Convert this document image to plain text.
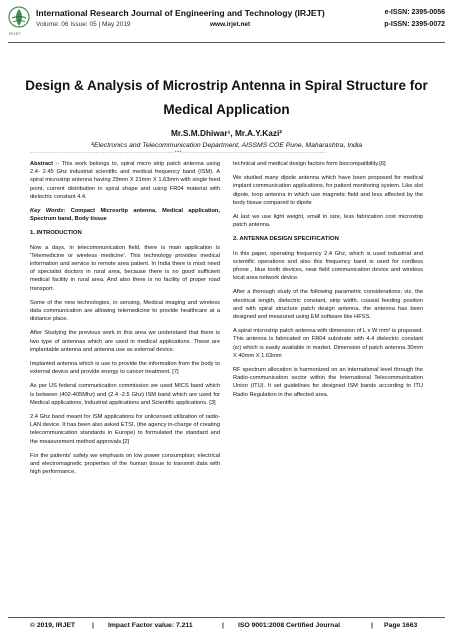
IRJET
International Research Journal of Engineering and Technology (IRJET)
Volume: 06 Issue: 05 | May 2019	www.irjet.net
e-ISSN: 2395-0056
p-ISSN: 2395-0072
Design & Analysis of Microstrip Antenna in Spiral Structure for
Medical Application
Mr.S.M.Dhiwar¹, Mr.A.Y.Kazi²
¹ʲElectronics and Telecommunication Department, AISSMS COE Pune, Maharashtra, India
------------------------------------------------------------***------------------------------------------------------------

Abstract :- This work belongs to, spiral micro strip patch antenna using 2.4- 2.45 Ghz industrial scientific and medical frequency band (ISM). A spiral microstrip antenna having 29mm X 21mm X 1.63mm with single feed point, current distribution in spiral shape and using FR04 material with dielectric constant 4.4.

Key Words: Compact Microsrtip antenna, Medical application, Spectrum band, Body tissue

1. INTRODUCTION

Now a days, in telecommunication field, there is main application is 'Telemedicine or wireless medicine'. This technology provides medical information and service to remote area patient. In India there is most need of specialist doctors in rural area, because there is no good sufficient medical facility in rural area. And also there is no facility of proper road transport.

Some of the new technologies, in sensing, Medical imaging and wireless data communication are allowing telemedicine to provide healthcare at a distance place.

After Studying the previous work in this area we understand that there is two type of antennas which are used in medical applications. These are implantable antenna and antenna use as external device.

Implanted antenna which is use to provide the information from the body to external device and provide energy to cancer treatment. [7]

As per US federal communication commission we used MICS band which is between (402-405Mhz) and (2.4 -2.5 Ghz) ISM band which are used for Medical applications, Industrial applications and Scientific applications. [3]

2.4 Ghz band meant for ISM applications for unlicensed utilization of radio-LAN device. It has been also asked ETSI, (the agency in-charge of creating telecommunication standards in Europe) to formulated the standard and the measurement method approvals.[2]

For the patients' safety we emphasis on low power consumption; electrical and electromagnetic properties of the human tissue to transmit data with high performance,

technical and medical design factors form biocompatibility.[6]

We studied many dipole antenna which have been proposed for medical implant communication applications, for patient monitoring system. Like slot dipole, loop antenna in which use magnetic field and less affected by the body tissue compared to dipole

At last we use light weight, small in size, less fabrication cost microstrip patch antenna.

2. ANTENNA DESIGN SPECIFICATION

In this paper, operating frequency 2.4 Ghz, which is used industrial and scientific operations and also this frequency band is used for cordless phone , blue tooth devices, near field communication device and wireless local area network device.

After a thorough study of the following parametric considerations; viz, the electrical length, dielectric constant, strip width, coaxial feeding position and with spiral structure patch design antenna. the antenna has been designed and measured using EM software like HFSS.

A spiral microstrip patch antenna with dimension of L x W mm² is proposed. This antenna is fabricated on FR04 substrate with 4.4 dielectric constant (εr) which is easily available in market. Dimension of patch antenna 30mm X 40mm X 1.63mm

RF spectrum allocation is harmonized on an international level through the Radio-communication sector within the International Telecommunication Union (ITU). It set guidelines for designed ISM bands according to ITU Radio Regulation in the affected area.

© 2019, IRJET | Impact Factor value: 7.211	| ISO 9001:2008 Certified Journal	| Page 1663
